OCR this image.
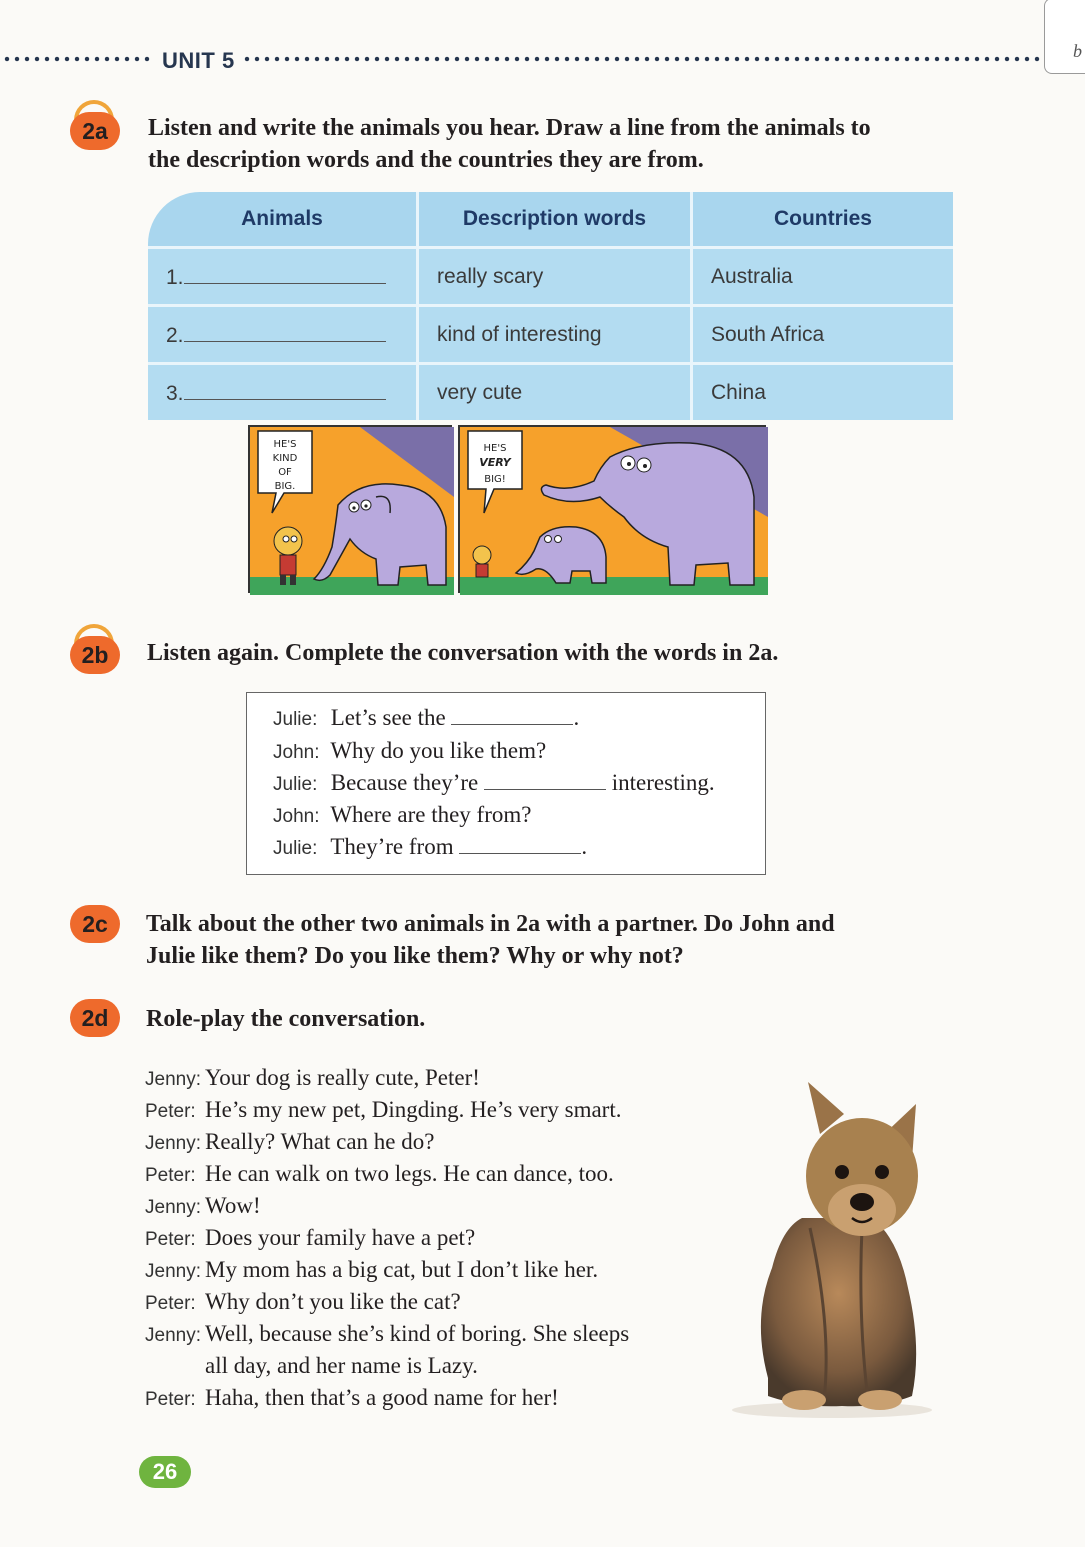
UNIT 5	b
2a	Listen and write the animals you hear. Draw a line from the animals to
the description words and the countries they are from.
Animals	Description words	Countries
1.	really scary	Australia
2.	kind of interesting	South Africa
3.	very cute	China
HE'S
KIND
OF
BIG.
HE'S
VERY
BIG!
2b	Listen again. Complete the conversation with the words in 2a.
Julie: Let’s see the	.
John: Why do you like them?
Julie: Because they’re	interesting.
John: Where are they from?
Julie: They’re from	.
2c	Talk about the other two animals in 2a with a partner. Do John and
Julie like them? Do you like them? Why or why not?
2d	Role-play the conversation.
Jenny: Your dog is really cute, Peter!
Peter: He’s my new pet, Dingding. He’s very smart.
Jenny: Really? What can he do?
Peter: He can walk on two legs. He can dance, too.
Jenny: Wow!
Peter: Does your family have a pet?
Jenny: My mom has a big cat, but I don’t like her.
Peter: Why don’t you like the cat?
Jenny: Well, because she’s kind of boring. She sleeps
all day, and her name is Lazy.
Peter: Haha, then that’s a good name for her!
26
